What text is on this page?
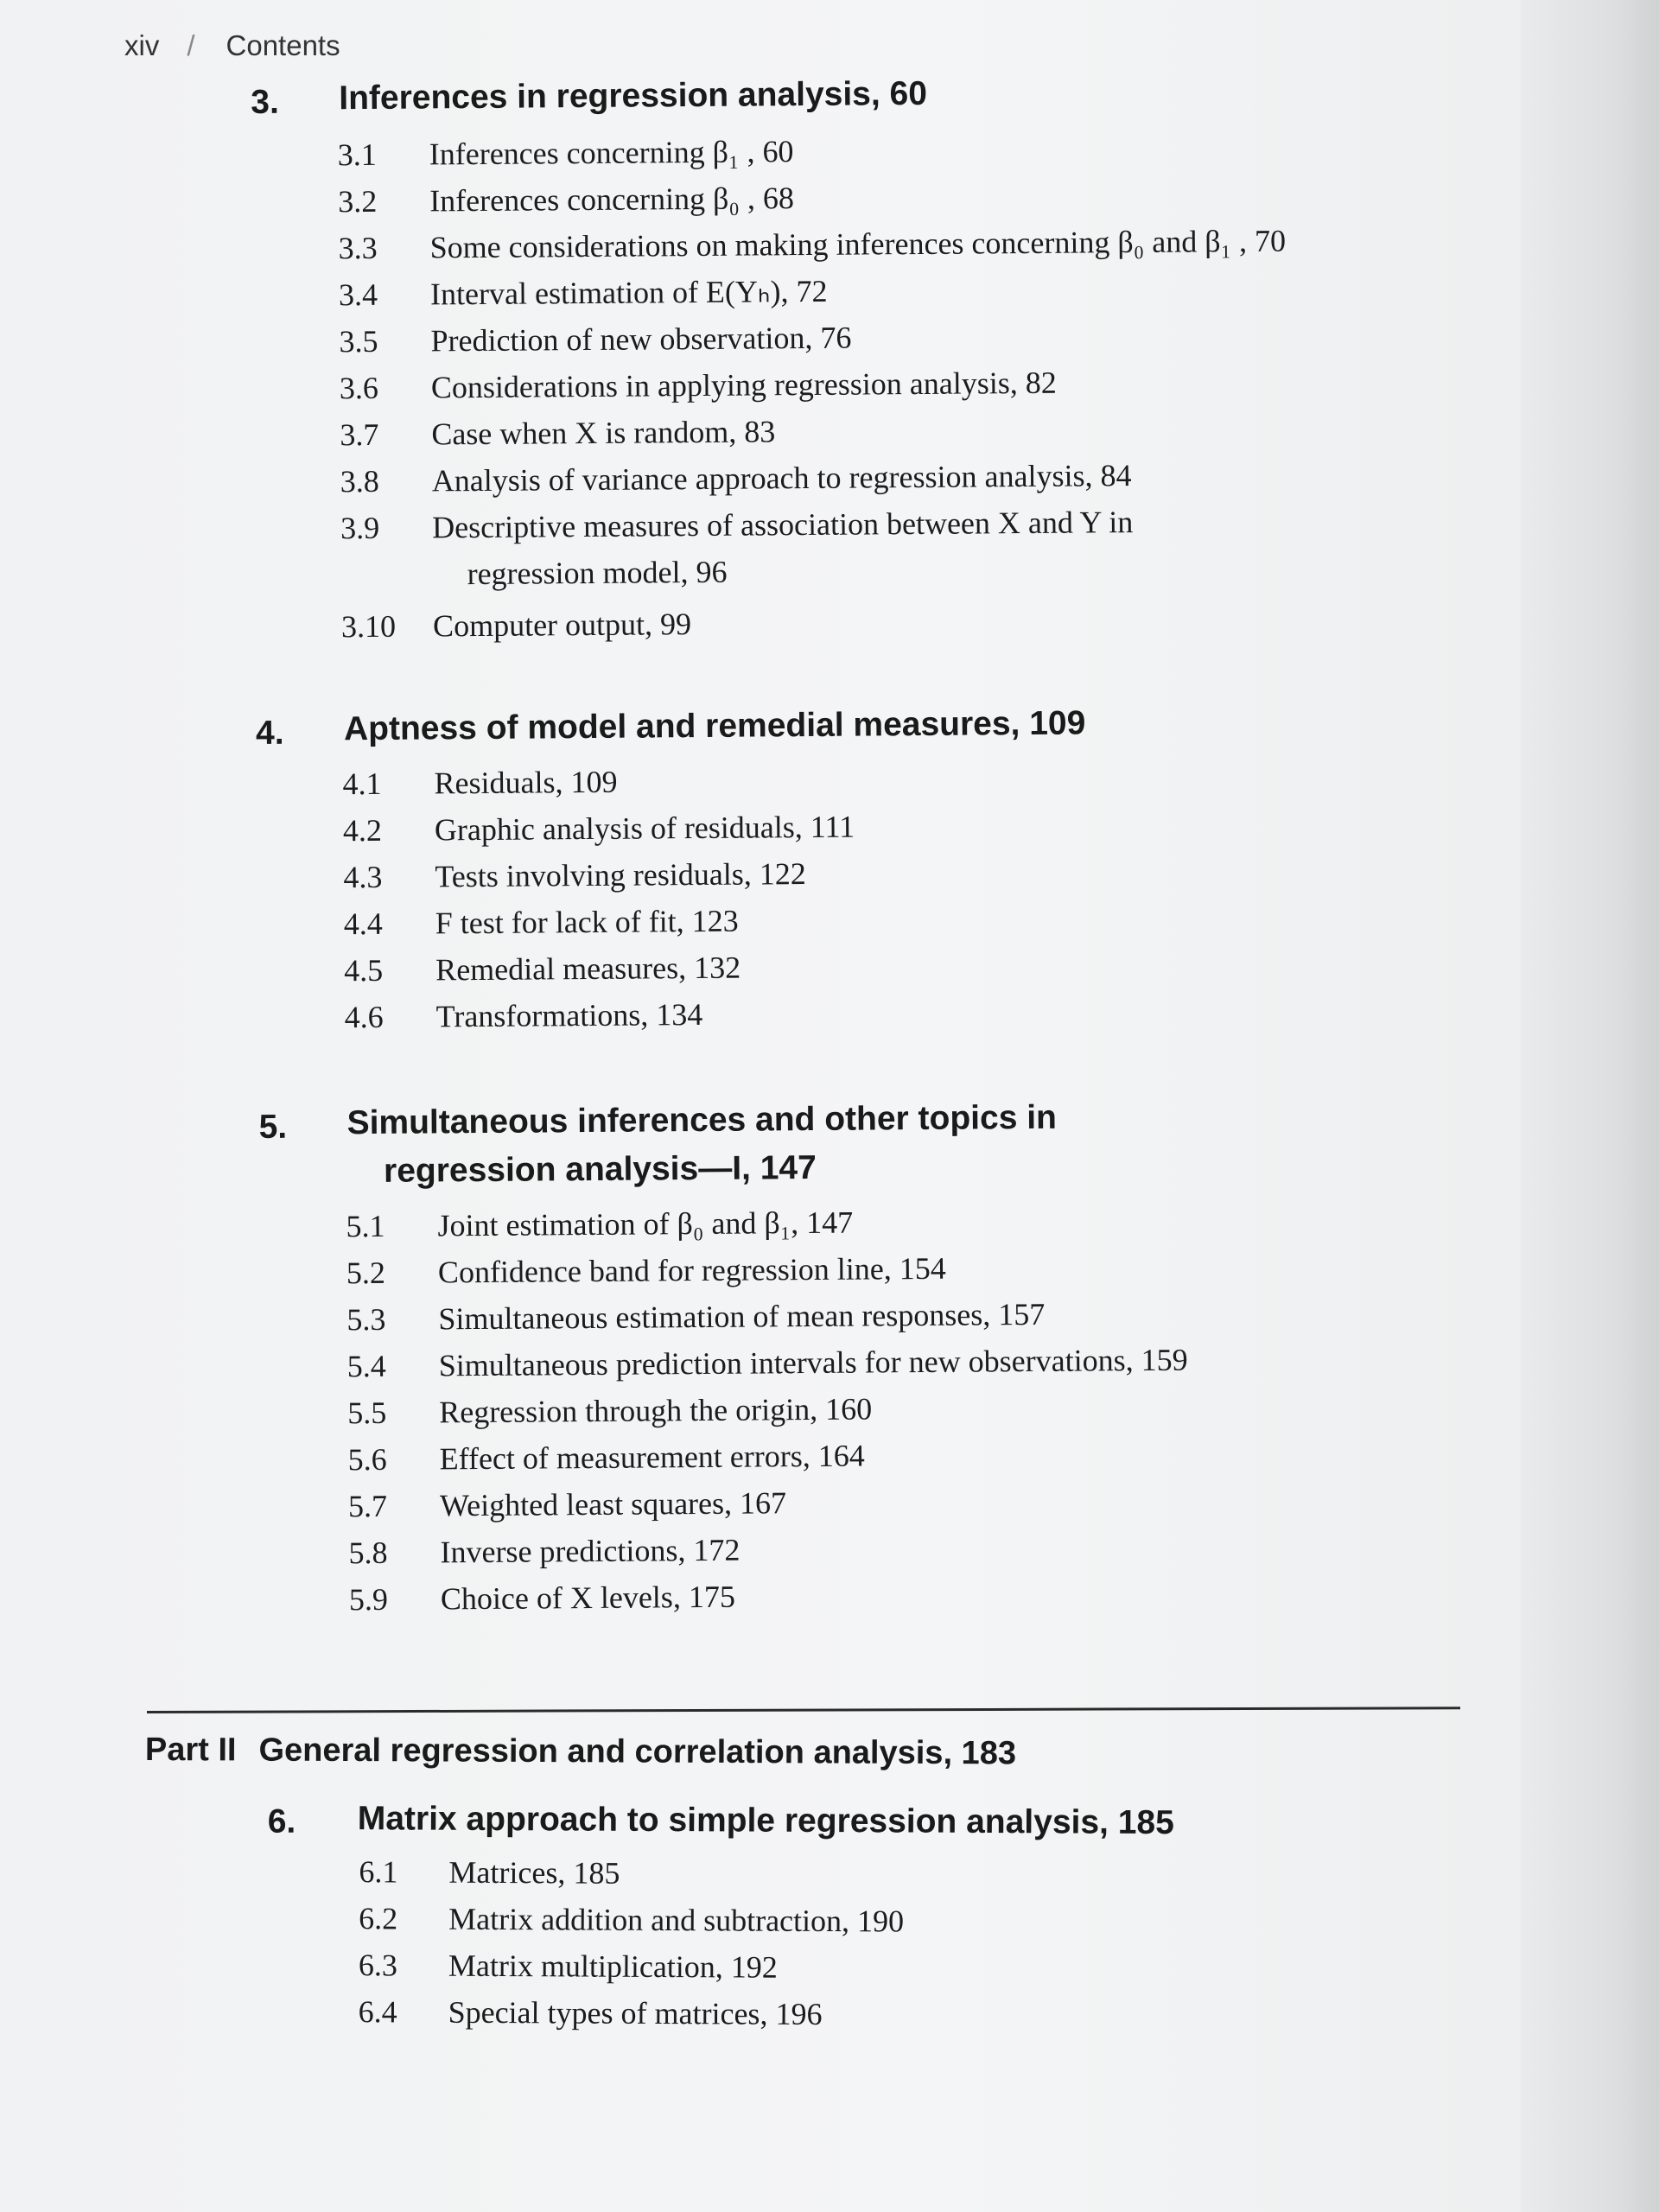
xiv / Contents
3. Inferences in regression analysis, 60
3.1 Inferences concerning β₁ , 60
3.2 Inferences concerning β₀ , 68
3.3 Some considerations on making inferences concerning β₀ and β₁ , 70
3.4 Interval estimation of E(Yₕ), 72
3.5 Prediction of new observation, 76
3.6 Considerations in applying regression analysis, 82
3.7 Case when X is random, 83
3.8 Analysis of variance approach to regression analysis, 84
3.9 Descriptive measures of association between X and Y in
regression model, 96
3.10 Computer output, 99
4. Aptness of model and remedial measures, 109
4.1 Residuals, 109
4.2 Graphic analysis of residuals, 111
4.3 Tests involving residuals, 122
4.4 F test for lack of fit, 123
4.5 Remedial measures, 132
4.6 Transformations, 134
5. Simultaneous inferences and other topics in
regression analysis—I, 147
5.1 Joint estimation of β₀ and β₁, 147
5.2 Confidence band for regression line, 154
5.3 Simultaneous estimation of mean responses, 157
5.4 Simultaneous prediction intervals for new observations, 159
5.5 Regression through the origin, 160
5.6 Effect of measurement errors, 164
5.7 Weighted least squares, 167
5.8 Inverse predictions, 172
5.9 Choice of X levels, 175
Part II General regression and correlation analysis, 183
6. Matrix approach to simple regression analysis, 185
6.1 Matrices, 185
6.2 Matrix addition and subtraction, 190
6.3 Matrix multiplication, 192
6.4 Special types of matrices, 196
